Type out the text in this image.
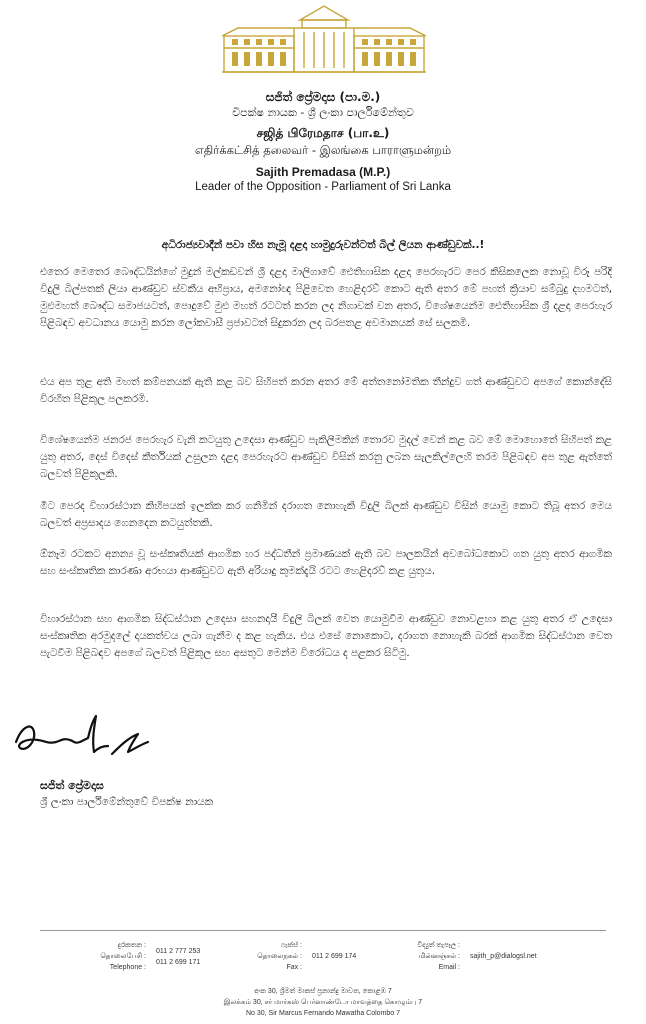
සජිත් ප්‍රේමදාස (පා.ම.)
විපක්ෂ නායක - ශ්‍රී ලංකා පාර්ලිමේන්තුව
சஜித் பிரேமதாச (பா.உ)
எதிர்க்கட்சித் தலைவர் - இலங்கை பாராளுமன்றம்
Sajith Premadasa (M.P.)
Leader of the Opposition - Parliament of Sri Lanka
අධිරාජ්‍යවාදීන් පවා හිස නැමූ දළදා හාමුදුරුවන්ටත් බිල් ලියන ආණ්ඩුවක්..!

එතෙර මෙතෙර බෞද්ධයින්ගේ මුදුන් මල්කඩවන් ශ්‍රී දළදා මාලිගාවේ ඓතිහාසික දළදා පෙරහැරට පෙර කිසිකලෙක නොවූ විරූ පරිදි විදුලි බිල්පතක් ලියා ආණ්ඩුව ස්වකීය අභිප්‍රාය, අමනෝඥ පිළිවෙත හෙළිදරව් කොට ඇති අතර මේ පහත් ක්‍රියාව සම්බුදු දහමටත්, මුළුමහත් බෞද්ධ සමාජයටත්, පොදුවේ මුළු මහත් රටටත් කරන ලද නිගාවක් වන අතර, විශේෂයෙන්ම ඓතිහාසික ශ්‍රී දළදා පෙරහැර පිළිබඳව අවධානය යොමු කරන ලෝකවාසී ප්‍රජාවටත් සිදුකරන ලද බරපතළ අවමානයක් සේ සලකමි.

එය අප තුළ අති මහත් කම්පනයක් ඇති කළ බව සිහිපත් කරන අතර මේ අත්තනෝමතික තීන්දුව ගත් ආණ්ඩුවට අපගේ කොන්දේසි විරහිත පිළිකුල පලකරමි.

විශේෂයෙන්ම ජනරජ පෙරහැර වැනි කටයුතු උදෙසා ආණ්ඩුව පැකිලීමකින් තොරව මුදල් වෙන් කළ බව මේ මොහොතේ සිහිපත් කළ යුතු අතර, දෙස් විදෙස් කීර්තියක් උසුලන දළදා පෙරහැරට ආණ්ඩුව විසින් කරනු ලබන සැලකිල්ලෙහි තරම පිළිබඳව අප තුළ ඇත්තේ බලවත් පිළිකුලකි.

මීට පෙරද විහාරස්ථාන කිහිපයක් ඉලක්ක කර ගනිමින් දරාගත නොහැකි විදුලි බිලක් ආණ්ඩුව විසින් යොමු කොට තිබූ අතර මෙය බලවත් අප්‍රසාදය ගෙනදෙන කටයුත්තකි.

ඕනෑම රටකට අනන්‍ය වූ සංස්කෘතියක් ආගමික හර පද්ධතීන් ප්‍රමාණයක් ඇති බව පාලකයින් අවබෝධකොට ගත යුතු අතර ආගමික සහ සංස්කෘතික කාරණා අරභයා ආණ්ඩුවට ඇති අරියාදු කුමක්දැයි රටට හෙළිදරව් කළ යුතුය.

විහාරස්ථාන සහ ආගමික සිද්ධස්ථාන උදෙසා සහනදායී විදුලි බිලක් වෙත යොමුවීම ආණ්ඩුව නොවළහා කළ යුතු අතර ඒ උදෙසා සංස්කෘතික අරමුදලේ දායකත්වය ලබා ගැනීම ද කළ හැකිය. එය එසේ නොකොට, දරාගත නොහැකි බරක් ආගමික සිද්ධස්ථාන වෙත පැටවීම පිළිබඳව අපගේ බලවත් පිළිකුල සහ අසතුට මෙන්ම විරෝධය ද පළකර සිටිමු.

සජිත් ප්‍රේමදාස
ශ්‍රී ලංකා පාර්ලිමේන්තුවේ විපක්ෂ නායක
දුරකතන :
தொலைபேசி :
Telephone :
011 2 777 253
011 2 699 171
ෆැක්ස් :
தொலைநகல் :
Fax :
011 2 699 174
විද්‍යුත් තැපෑල :
மின்னஞ்சல் :
Email :
sajith_p@dialogsl.net
අංක 30, ශ්‍රීමත් මාකස් ප්‍රනාන්දු මාවත, කොළඹ 7
இலக்கம் 30, சர் மார்கஸ் பெர்னாண்டோ மாவத்தை கொழும்பு 7
No 30, Sir Marcus Fernando Mawatha Colombo 7
